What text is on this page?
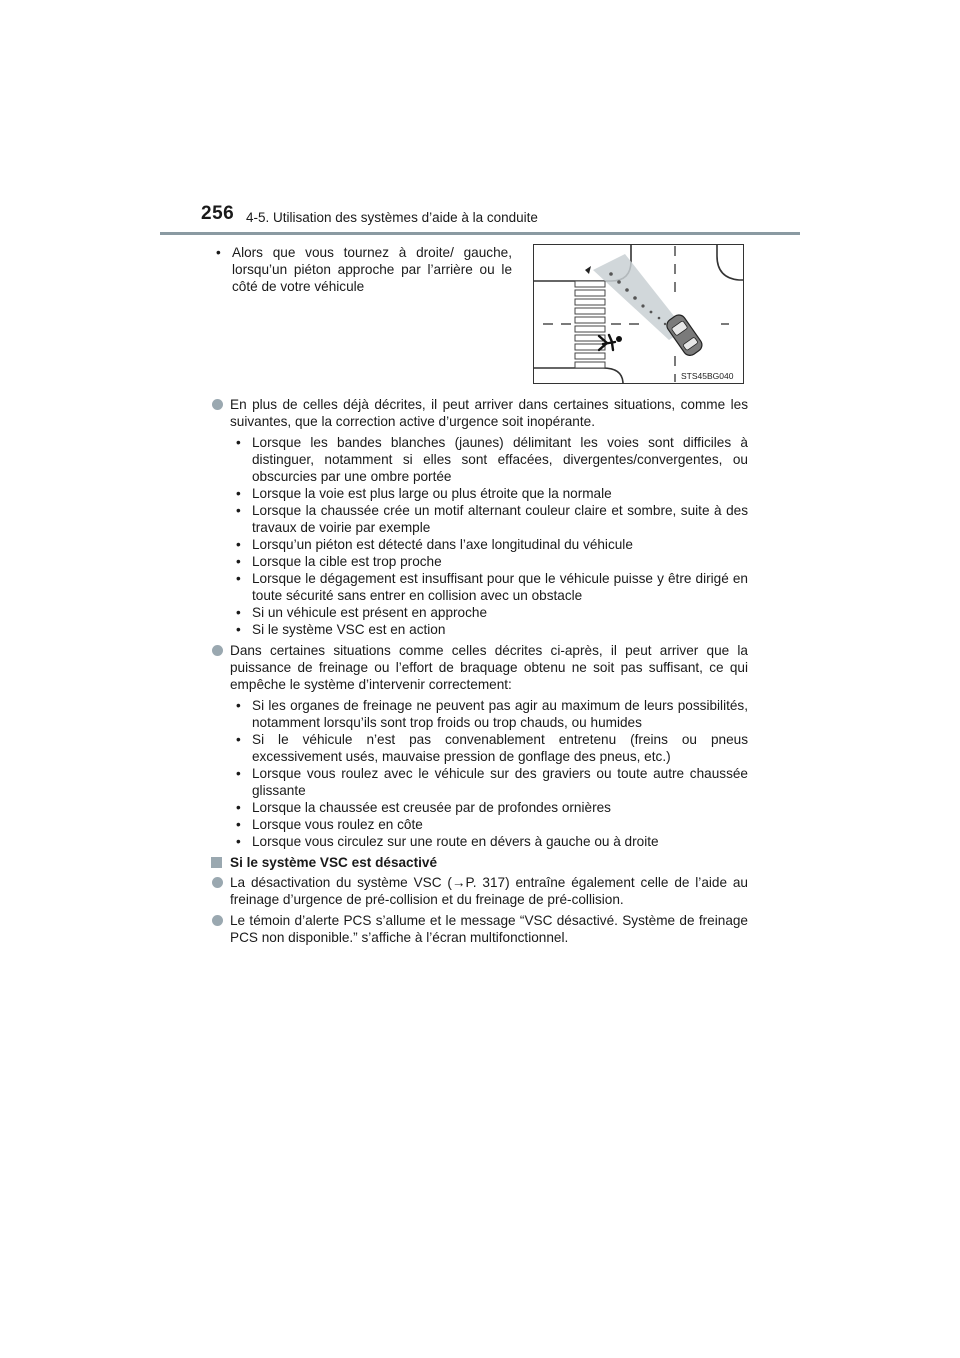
256 4-5. Utilisation des systèmes d’aide à la conduite
• Alors que vous tournez à droite/ gauche, lorsqu’un piéton approche par l’arrière ou le côté de votre véhicule
STS45BG040
En plus de celles déjà décrites, il peut arriver dans certaines situations, comme les suivantes, que la correction active d’urgence soit inopérante.
• Lorsque les bandes blanches (jaunes) délimitant les voies sont difficiles à distinguer, notamment si elles sont effacées, divergentes/convergentes, ou obscurcies par une ombre portée
• Lorsque la voie est plus large ou plus étroite que la normale
• Lorsque la chaussée crée un motif alternant couleur claire et sombre, suite à des travaux de voirie par exemple
• Lorsqu’un piéton est détecté dans l’axe longitudinal du véhicule
• Lorsque la cible est trop proche
• Lorsque le dégagement est insuffisant pour que le véhicule puisse y être dirigé en toute sécurité sans entrer en collision avec un obstacle
• Si un véhicule est présent en approche
• Si le système VSC est en action
Dans certaines situations comme celles décrites ci-après, il peut arriver que la puissance de freinage ou l’effort de braquage obtenu ne soit pas suffisant, ce qui empêche le système d’intervenir correctement:
• Si les organes de freinage ne peuvent pas agir au maximum de leurs possibilités, notamment lorsqu’ils sont trop froids ou trop chauds, ou humides
• Si le véhicule n’est pas convenablement entretenu (freins ou pneus excessivement usés, mauvaise pression de gonflage des pneus, etc.)
• Lorsque vous roulez avec le véhicule sur des graviers ou toute autre chaussée glissante
• Lorsque la chaussée est creusée par de profondes ornières
• Lorsque vous roulez en côte
• Lorsque vous circulez sur une route en dévers à gauche ou à droite
Si le système VSC est désactivé
La désactivation du système VSC (→P. 317) entraîne également celle de l’aide au freinage d’urgence de pré-collision et du freinage de pré-collision.
Le témoin d’alerte PCS s’allume et le message “VSC désactivé. Système de freinage PCS non disponible.” s’affiche à l’écran multifonctionnel.
